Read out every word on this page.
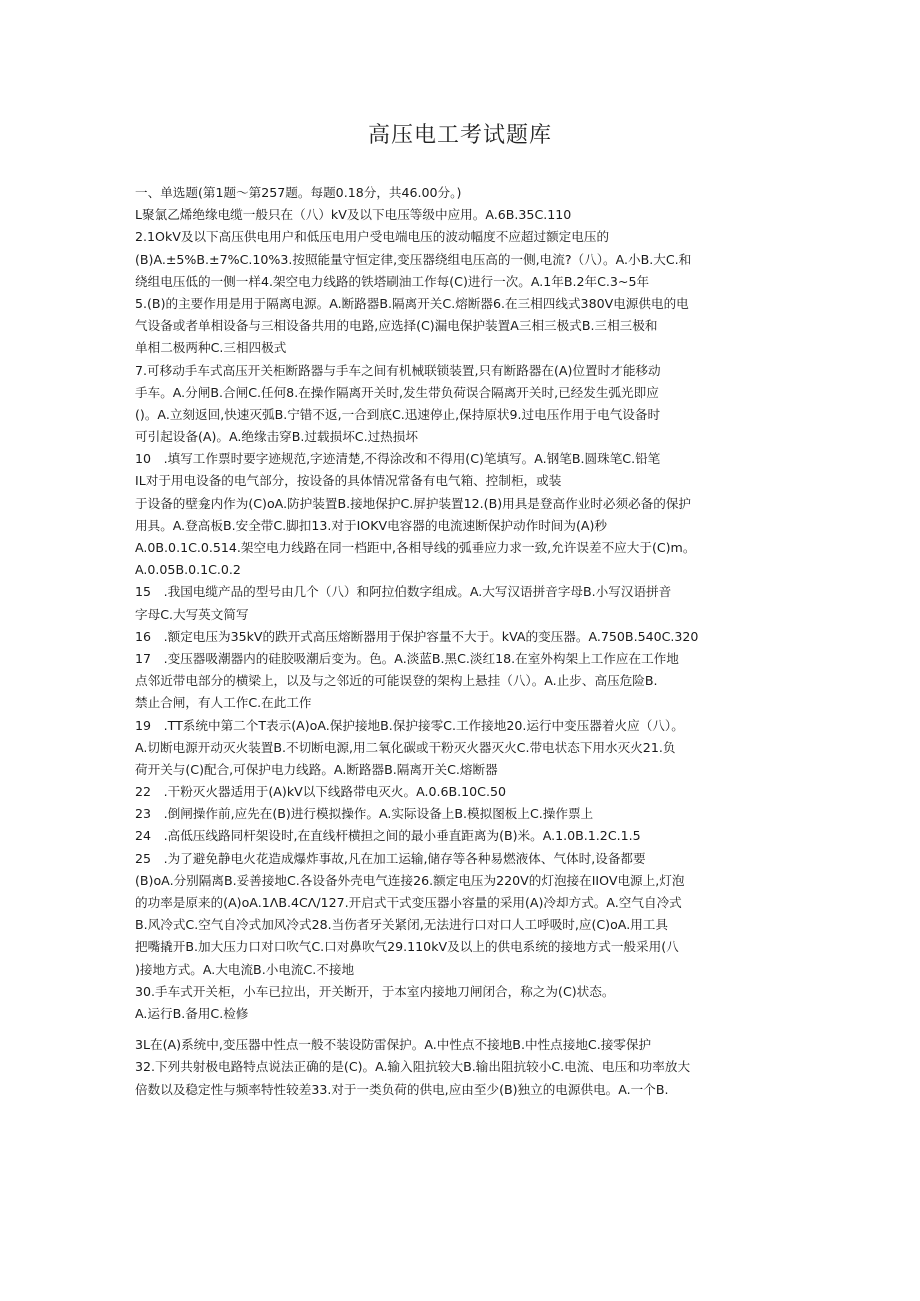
高压电工考试题库
一、单选题(第1题～第257题。每题0.18分，共46.00分。)
L聚氯乙烯绝缘电缆一般只在（八）kV及以下电压等级中应用。A.6B.35C.110
2.1OkV及以下高压供电用户和低压电用户受电端电压的波动幅度不应超过额定电压的
(B)A.±5%B.±7%C.10%3.按照能量守恒定律,变压器绕组电压高的一侧,电流?（八）。A.小B.大C.和
绕组电压低的一侧一样4.架空电力线路的铁塔刷油工作每(C)进行一次。A.1年B.2年C.3~5年
5.(B)的主要作用是用于隔离电源。A.断路器B.隔离开关C.熔断器6.在三相四线式380V电源供电的电
气设备或者单相设备与三相设备共用的电路,应选择(C)漏电保护装置A三相三极式B.三相三极和
单相二极两种C.三相四极式
7.可移动手车式高压开关柜断路器与手车之间有机械联锁装置,只有断路器在(A)位置时才能移动
手车。A.分闸B.合闸C.任何8.在操作隔离开关时,发生带负荷误合隔离开关时,已经发生弧光即应
()。A.立刻返回,快速灭弧B.宁错不返,一合到底C.迅速停止,保持原状9.过电压作用于电气设备时
可引起设备(A)。A.绝缘击穿B.过载损坏C.过热损坏
10　.填写工作票时要字迹规范,字迹清楚,不得涂改和不得用(C)笔填写。A.钢笔B.圆珠笔C.铅笔
IL对于用电设备的电气部分，按设备的具体情况常备有电气箱、控制柜，或装
于设备的壁龛内作为(C)oA.防护装置B.接地保护C.屏护装置12.(B)用具是登高作业时必须必备的保护
用具。A.登高板B.安全带C.脚扣13.对于IOKV电容器的电流速断保护动作时间为(A)秒
A.0B.0.1C.0.514.架空电力线路在同一档距中,各相导线的弧垂应力求一致,允许误差不应大于(C)m。
A.0.05B.0.1C.0.2
15　.我国电缆产品的型号由几个（八）和阿拉伯数字组成。A.大写汉语拼音字母B.小写汉语拼音
字母C.大写英文简写
16　.额定电压为35kV的跌开式高压熔断器用于保护容量不大于。kVA的变压器。A.750B.540C.320
17　.变压器吸潮器内的硅胶吸潮后变为。色。A.淡蓝B.黑C.淡红18.在室外构架上工作应在工作地
点邻近带电部分的横梁上，以及与之邻近的可能误登的架构上悬挂（八）。A.止步、高压危险B.
禁止合闸，有人工作C.在此工作
19　.TT系统中第二个T表示(A)oA.保护接地B.保护接零C.工作接地20.运行中变压器着火应（八）。
A.切断电源开动灭火装置B.不切断电源,用二氧化碳或干粉灭火器灭火C.带电状态下用水灭火21.负
荷开关与(C)配合,可保护电力线路。A.断路器B.隔离开关C.熔断器
22　.干粉灭火器适用于(A)kV以下线路带电灭火。A.0.6B.10C.50
23　.倒闸操作前,应先在(B)进行模拟操作。A.实际设备上B.模拟图板上C.操作票上
24　.高低压线路同杆架设时,在直线杆横担之间的最小垂直距离为(B)米。A.1.0B.1.2C.1.5
25　.为了避免静电火花造成爆炸事故,凡在加工运输,储存等各种易燃液体、气体时,设备都要
(B)oA.分别隔离B.妥善接地C.各设备外壳电气连接26.额定电压为220V的灯泡接在IIOV电源上,灯泡
的功率是原来的(A)oA.1ΛB.4CΛ∕127.开启式干式变压器小容量的采用(A)冷却方式。A.空气自冷式
B.风冷式C.空气自冷式加风冷式28.当伤者牙关紧闭,无法进行口对口人工呼吸时,应(C)oA.用工具
把嘴撬开B.加大压力口对口吹气C.口对鼻吹气29.110kV及以上的供电系统的接地方式一般采用(八
)接地方式。A.大电流B.小电流C.不接地
30.手车式开关柜，小车已拉出，开关断开，于本室内接地刀闸闭合，称之为(C)状态。
A.运行B.备用C.检修
3L在(A)系统中,变压器中性点一般不装设防雷保护。A.中性点不接地B.中性点接地C.接零保护
32.下列共射极电路特点说法正确的是(C)。A.输入阻抗较大B.输出阻抗较小C.电流、电压和功率放大
倍数以及稳定性与频率特性较差33.对于一类负荷的供电,应由至少(B)独立的电源供电。A.一个B.
